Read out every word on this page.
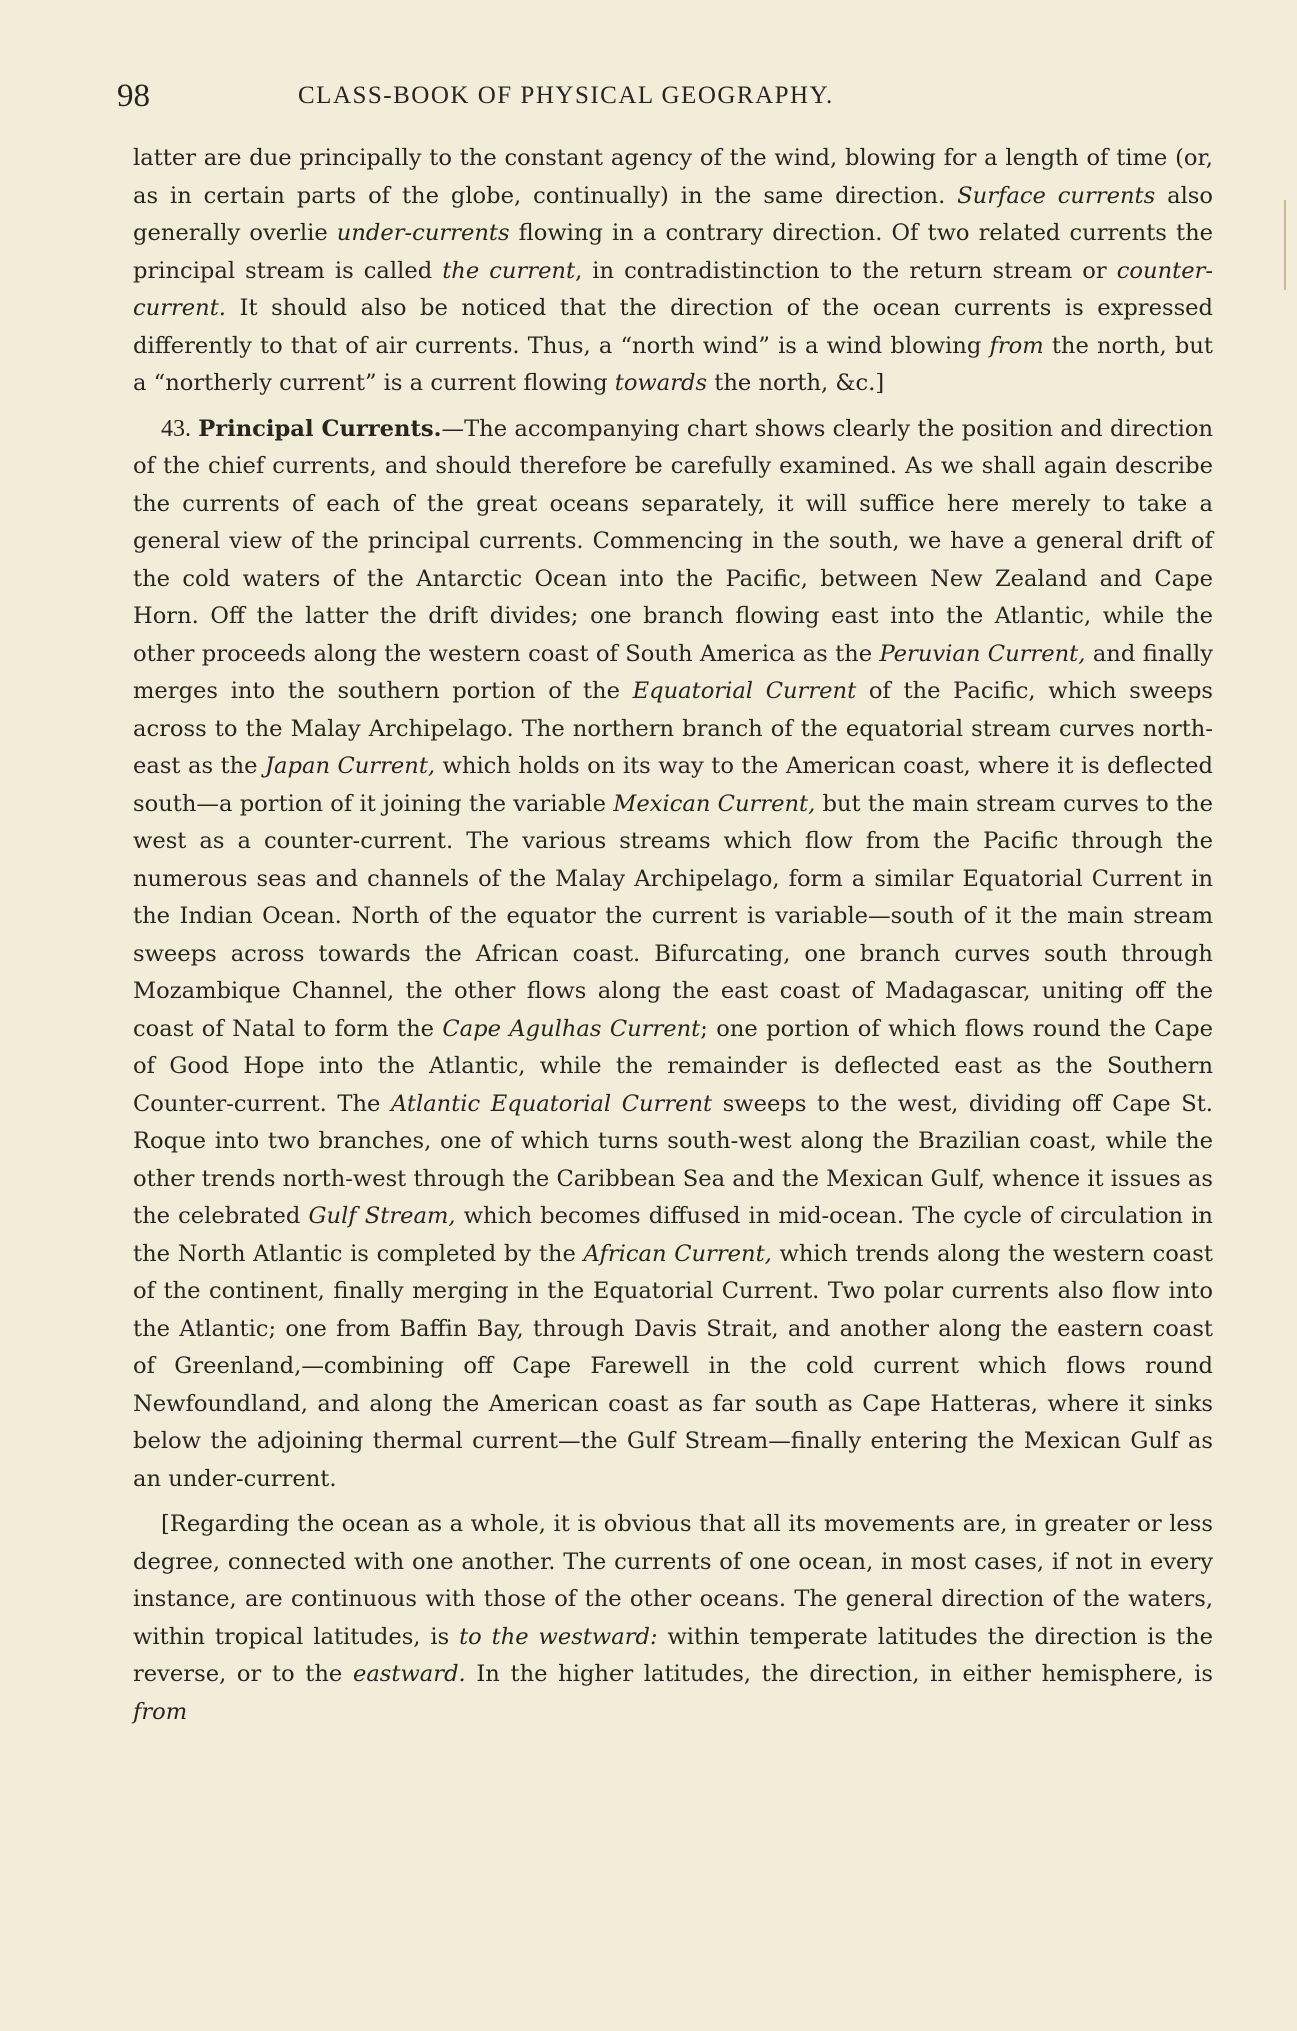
98	CLASS-BOOK OF PHYSICAL GEOGRAPHY.

latter are due principally to the constant agency of the wind, blowing for a length of time (or, as in certain parts of the globe, continually) in the same direction. Surface currents also generally overlie under-currents flowing in a contrary direction. Of two related currents the principal stream is called the current, in contradistinction to the return stream or counter-current. It should also be noticed that the direction of the ocean currents is expressed differently to that of air currents. Thus, a “north wind” is a wind blowing from the north, but a “northerly current” is a current flowing towards the north, &c.]

43. Principal Currents.—The accompanying chart shows clearly the position and direction of the chief currents, and should therefore be carefully examined. As we shall again describe the currents of each of the great oceans separately, it will suffice here merely to take a general view of the principal currents. Commencing in the south, we have a general drift of the cold waters of the Antarctic Ocean into the Pacific, between New Zealand and Cape Horn. Off the latter the drift divides; one branch flowing east into the Atlantic, while the other proceeds along the western coast of South America as the Peruvian Current, and finally merges into the southern portion of the Equatorial Current of the Pacific, which sweeps across to the Malay Archipelago. The northern branch of the equatorial stream curves north-east as the Japan Current, which holds on its way to the American coast, where it is deflected south—a portion of it joining the variable Mexican Current, but the main stream curves to the west as a counter-current. The various streams which flow from the Pacific through the numerous seas and channels of the Malay Archipelago, form a similar Equatorial Current in the Indian Ocean. North of the equator the current is variable—south of it the main stream sweeps across towards the African coast. Bifurcating, one branch curves south through Mozambique Channel, the other flows along the east coast of Madagascar, uniting off the coast of Natal to form the Cape Agulhas Current; one portion of which flows round the Cape of Good Hope into the Atlantic, while the remainder is deflected east as the Southern Counter-current. The Atlantic Equatorial Current sweeps to the west, dividing off Cape St. Roque into two branches, one of which turns south-west along the Brazilian coast, while the other trends north-west through the Caribbean Sea and the Mexican Gulf, whence it issues as the celebrated Gulf Stream, which becomes diffused in mid-ocean. The cycle of circulation in the North Atlantic is completed by the African Current, which trends along the western coast of the continent, finally merging in the Equatorial Current. Two polar currents also flow into the Atlantic; one from Baffin Bay, through Davis Strait, and another along the eastern coast of Greenland,—combining off Cape Farewell in the cold current which flows round Newfoundland, and along the American coast as far south as Cape Hatteras, where it sinks below the adjoining thermal current—the Gulf Stream—finally entering the Mexican Gulf as an under-current.

[Regarding the ocean as a whole, it is obvious that all its movements are, in greater or less degree, connected with one another. The currents of one ocean, in most cases, if not in every instance, are continuous with those of the other oceans. The general direction of the waters, within tropical latitudes, is to the westward: within temperate latitudes the direction is the reverse, or to the eastward. In the higher latitudes, the direction, in either hemisphere, is from
